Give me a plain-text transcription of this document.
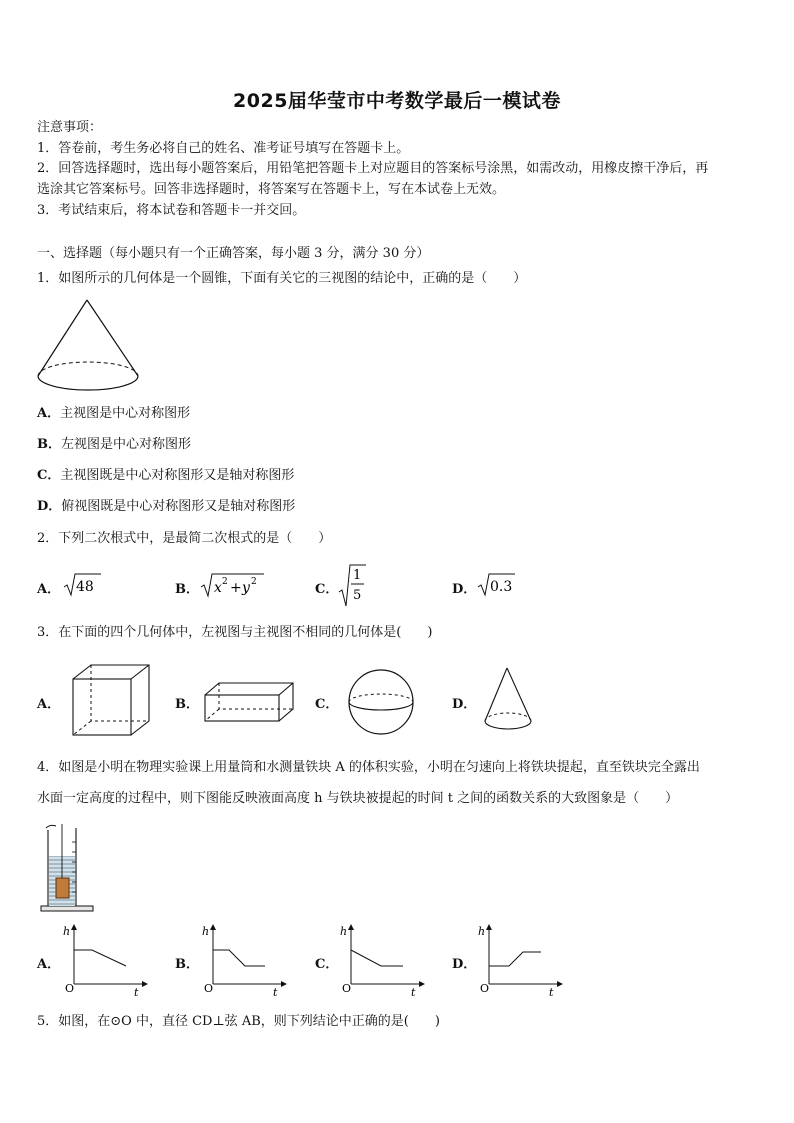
2025届华莹市中考数学最后一模试卷
注意事项：
1．答卷前，考生务必将自己的姓名、准考证号填写在答题卡上。
2．回答选择题时，选出每小题答案后，用铅笔把答题卡上对应题目的答案标号涂黑，如需改动，用橡皮擦干净后，再
选涂其它答案标号。回答非选择题时，将答案写在答题卡上，写在本试卷上无效。
3．考试结束后，将本试卷和答题卡一并交回。
一、选择题（每小题只有一个正确答案，每小题 3 分，满分 30 分）
1．如图所示的几何体是一个圆锥，下面有关它的三视图的结论中，正确的是（　　）
A．主视图是中心对称图形
B．左视图是中心对称图形
C．主视图既是中心对称图形又是轴对称图形
D．俯视图既是中心对称图形又是轴对称图形
2．下列二次根式中，是最简二次根式的是（　　）
A． 48	B． x 2 + y 2	C．
1
5	D． 0.3
3．在下面的四个几何体中，左视图与主视图不相同的几何体是(　　)
A．	B．	C．	D．
4．如图是小明在物理实验课上用量筒和水测量铁块 A 的体积实验，小明在匀速向上将铁块提起，直至铁块完全露出
水面一定高度的过程中，则下图能反映液面高度 h 与铁块被提起的时间 t 之间的函数关系的大致图象是（　　）
A．
h
t
O
B．
h
t
O
C．
h
t
O
D．
h
t
O
5．如图，在⊙O 中，直径 CD⊥弦 AB，则下列结论中正确的是(　　)
